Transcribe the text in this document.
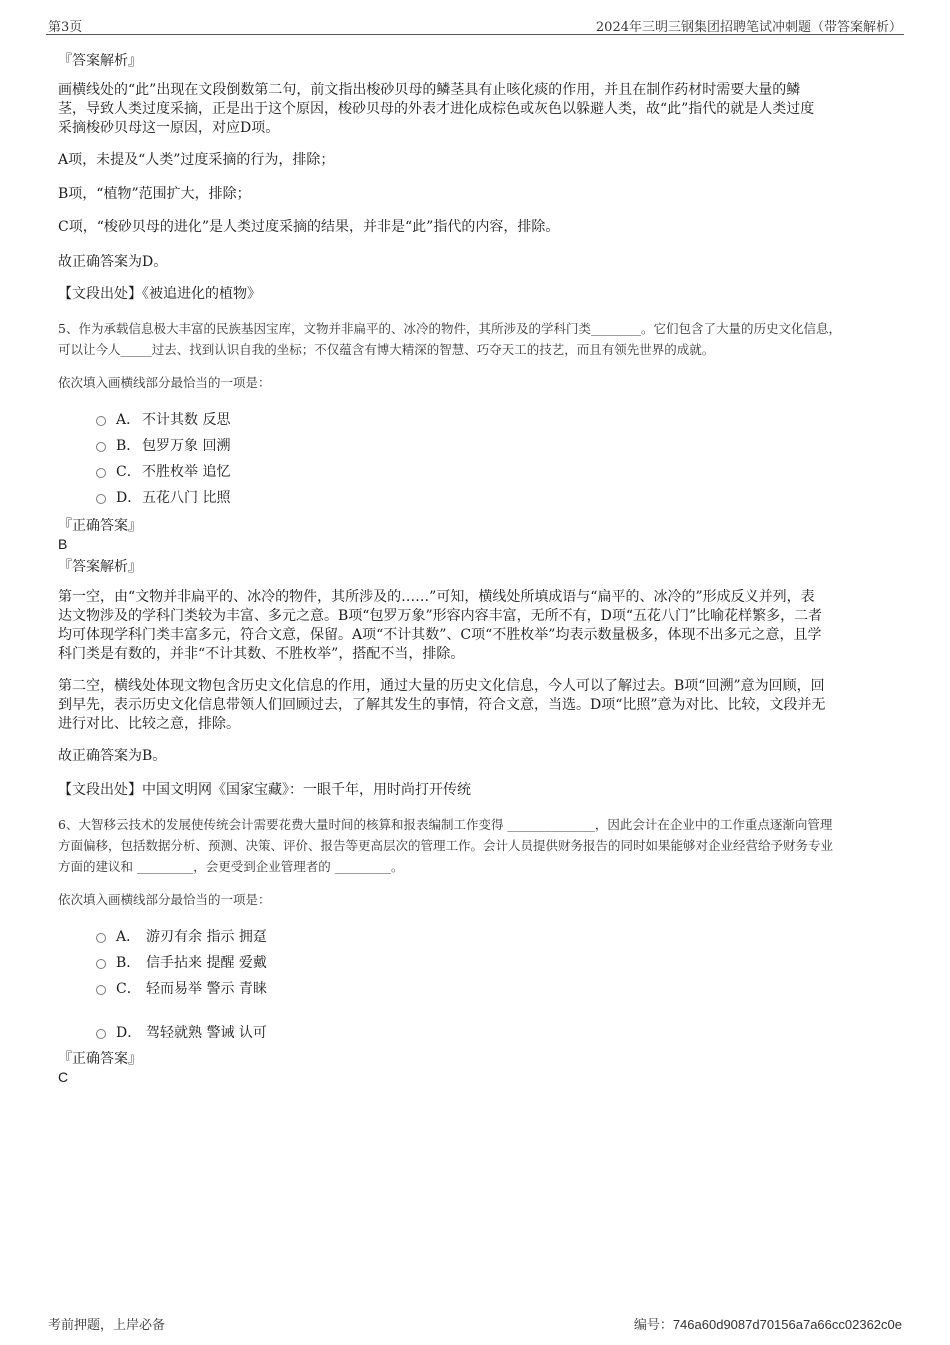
第3页	2024年三明三钢集团招聘笔试冲刺题（带答案解析）
『答案解析』
画横线处的“此”出现在文段倒数第二句，前文指出梭砂贝母的鳞茎具有止咳化痰的作用，并且在制作药材时需要大量的鳞
茎，导致人类过度采摘，正是出于这个原因，梭砂贝母的外表才进化成棕色或灰色以躲避人类，故“此”指代的就是人类过度
采摘梭砂贝母这一原因，对应D项。
A项，未提及“人类”过度采摘的行为，排除；
B项，“植物”范围扩大，排除；
C项，“梭砂贝母的进化”是人类过度采摘的结果，并非是“此”指代的内容，排除。
故正确答案为D。
【文段出处】《被追进化的植物》
5、作为承载信息极大丰富的民族基因宝库，文物并非扁平的、冰冷的物件，其所涉及的学科门类________。它们包含了大量的历史文化信息，
可以让今人_____过去、找到认识自我的坐标；不仅蕴含有博大精深的智慧、巧夺天工的技艺，而且有领先世界的成就。
依次填入画横线部分最恰当的一项是：
A． 不计其数 反思
B． 包罗万象 回溯
C． 不胜枚举 追忆
D． 五花八门 比照
『正确答案』
B
『答案解析』
第一空，由“文物并非扁平的、冰冷的物件，其所涉及的……”可知，横线处所填成语与“扁平的、冰冷的”形成反义并列，表
达文物涉及的学科门类较为丰富、多元之意。B项“包罗万象”形容内容丰富，无所不有，D项“五花八门”比喻花样繁多，二者
均可体现学科门类丰富多元，符合文意，保留。A项“不计其数”、C项“不胜枚举”均表示数量极多，体现不出多元之意，且学
科门类是有数的，并非“不计其数、不胜枚举”，搭配不当，排除。
第二空，横线处体现文物包含历史文化信息的作用，通过大量的历史文化信息，今人可以了解过去。B项“回溯”意为回顾，回
到早先，表示历史文化信息带领人们回顾过去，了解其发生的事情，符合文意，当选。D项“比照”意为对比、比较，文段并无
进行对比、比较之意，排除。
故正确答案为B。
【文段出处】中国文明网《国家宝藏》：一眼千年，用时尚打开传统
6、大智移云技术的发展使传统会计需要花费大量时间的核算和报表编制工作变得 ______________，因此会计在企业中的工作重点逐渐向管理
方面偏移，包括数据分析、预测、决策、评价、报告等更高层次的管理工作。会计人员提供财务报告的同时如果能够对企业经营给予财务专业
方面的建议和 _________，会更受到企业管理者的 _________。
依次填入画横线部分最恰当的一项是：
A． 游刃有余 指示 拥趸
B． 信手拈来 提醒 爱戴
C． 轻而易举 警示 青睐
D． 驾轻就熟 警诫 认可
『正确答案』
C
考前押题，上岸必备	编号：746a60d9087d70156a7a66cc02362c0e
